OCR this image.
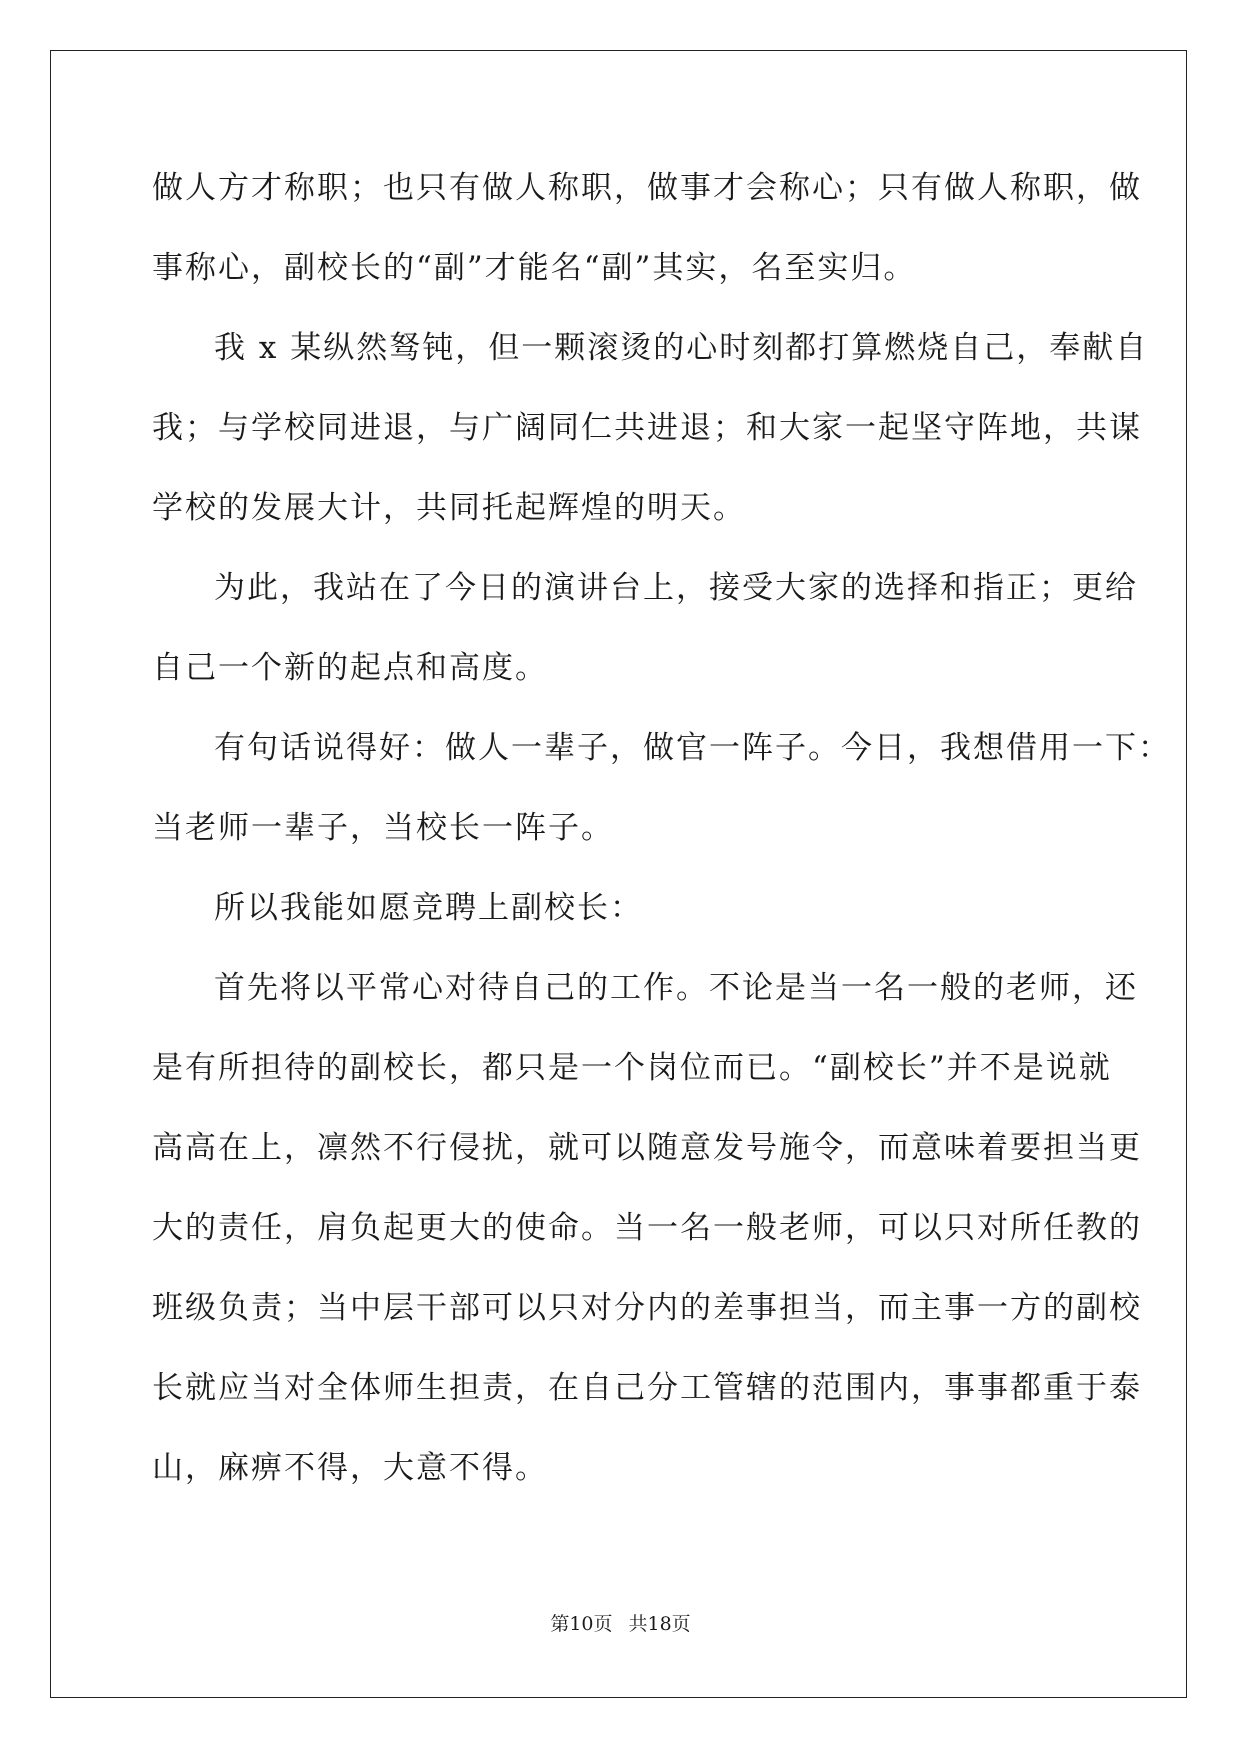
做人方才称职；也只有做人称职，做事才会称心；只有做人称职，做
事称心，副校长的“副”才能名“副”其实，名至实归。
我 x 某纵然驽钝，但一颗滚烫的心时刻都打算燃烧自己，奉献自
我；与学校同进退，与广阔同仁共进退；和大家一起坚守阵地，共谋
学校的发展大计，共同托起辉煌的明天。
为此，我站在了今日的演讲台上，接受大家的选择和指正；更给
自己一个新的起点和高度。
有句话说得好：做人一辈子，做官一阵子。今日，我想借用一下：
当老师一辈子，当校长一阵子。
所以我能如愿竞聘上副校长：
首先将以平常心对待自己的工作。不论是当一名一般的老师，还
是有所担待的副校长，都只是一个岗位而已。“副校长”并不是说就
高高在上，凛然不行侵扰，就可以随意发号施令，而意味着要担当更
大的责任，肩负起更大的使命。当一名一般老师，可以只对所任教的
班级负责；当中层干部可以只对分内的差事担当，而主事一方的副校
长就应当对全体师生担责，在自己分工管辖的范围内，事事都重于泰
山，麻痹不得，大意不得。
第10页 共18页
